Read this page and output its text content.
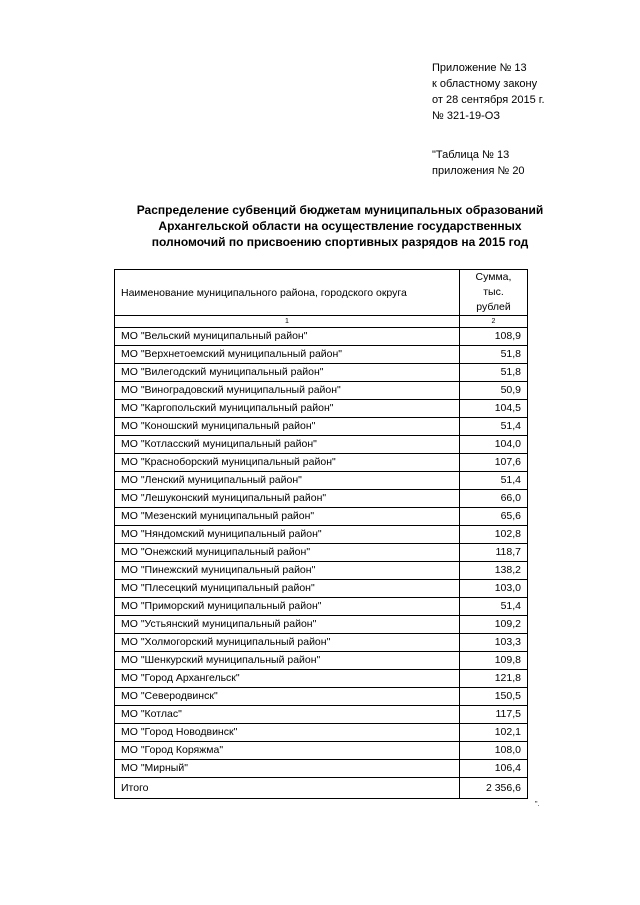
Приложение № 13
к областному закону
от 28 сентября 2015 г.
№ 321-19-ОЗ
"Таблица № 13
приложения № 20
Распределение субвенций бюджетам муниципальных образований
Архангельской области на осуществление государственных
полномочий по присвоению спортивных разрядов на 2015 год
Наименование муниципального района, городского округа	Сумма,
тыс. рублей

1	2
МО "Вельский муниципальный район"	108,9
МО "Верхнетоемский муниципальный район"	51,8
МО "Вилегодский муниципальный район"	51,8
МО "Виноградовский муниципальный район"	50,9
МО "Каргопольский муниципальный район"	104,5
МО "Коношский муниципальный район"	51,4
МО "Котласский муниципальный район"	104,0
МО "Красноборский муниципальный район"	107,6
МО "Ленский муниципальный район"	51,4
МО "Лешуконский муниципальный район"	66,0
МО "Мезенский муниципальный район"	65,6
МО "Няндомский муниципальный район"	102,8
МО "Онежский муниципальный район"	118,7
МО "Пинежский муниципальный район"	138,2
МО "Плесецкий муниципальный район"	103,0
МО "Приморский муниципальный район"	51,4
МО "Устьянский муниципальный район"	109,2
МО "Холмогорский муниципальный район"	103,3
МО "Шенкурский муниципальный район"	109,8
МО "Город Архангельск"	121,8
МО "Северодвинск"	150,5
МО "Котлас"	117,5
МО "Город Новодвинск"	102,1
МО "Город Коряжма"	108,0
МО "Мирный"	106,4
Итого	2 356,6
".
